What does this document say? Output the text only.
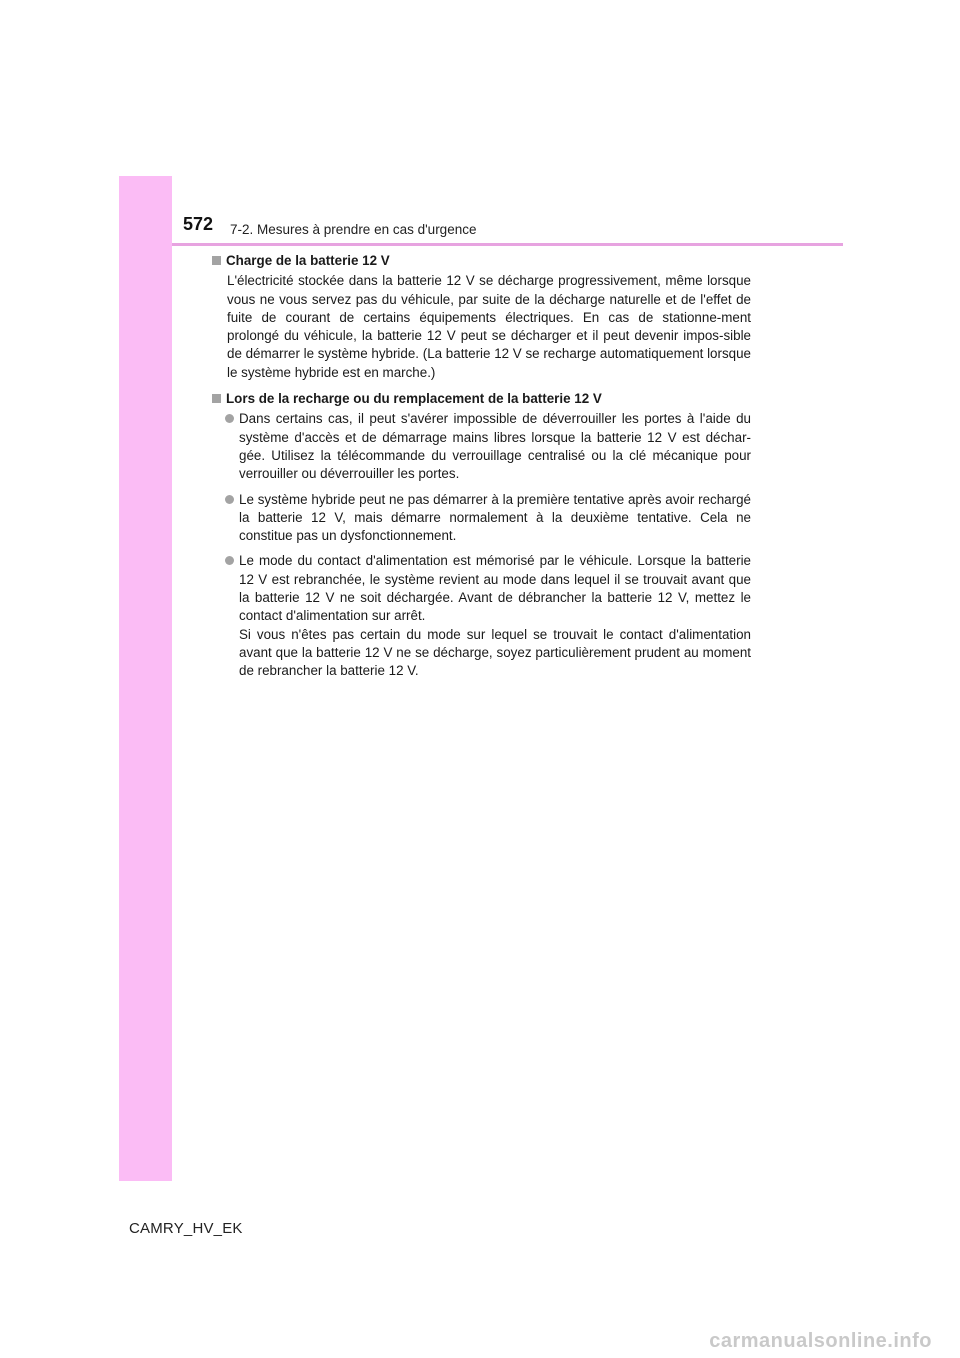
572 7-2. Mesures à prendre en cas d'urgence
Charge de la batterie 12 V
L'électricité stockée dans la batterie 12 V se décharge progressivement, même lorsque vous ne vous servez pas du véhicule, par suite de la décharge naturelle et de l'effet de fuite de courant de certains équipements électriques. En cas de stationne-ment prolongé du véhicule, la batterie 12 V peut se décharger et il peut devenir impos-sible de démarrer le système hybride. (La batterie 12 V se recharge automatiquement lorsque le système hybride est en marche.)
Lors de la recharge ou du remplacement de la batterie 12 V
Dans certains cas, il peut s'avérer impossible de déverrouiller les portes à l'aide du système d'accès et de démarrage mains libres lorsque la batterie 12 V est déchar-gée. Utilisez la télécommande du verrouillage centralisé ou la clé mécanique pour verrouiller ou déverrouiller les portes.
Le système hybride peut ne pas démarrer à la première tentative après avoir rechargé la batterie 12 V, mais démarre normalement à la deuxième tentative. Cela ne constitue pas un dysfonctionnement.
Le mode du contact d'alimentation est mémorisé par le véhicule. Lorsque la batterie 12 V est rebranchée, le système revient au mode dans lequel il se trouvait avant que la batterie 12 V ne soit déchargée. Avant de débrancher la batterie 12 V, mettez le contact d'alimentation sur arrêt.
Si vous n'êtes pas certain du mode sur lequel se trouvait le contact d'alimentation avant que la batterie 12 V ne se décharge, soyez particulièrement prudent au moment de rebrancher la batterie 12 V.
CAMRY_HV_EK
carmanualsonline.info
